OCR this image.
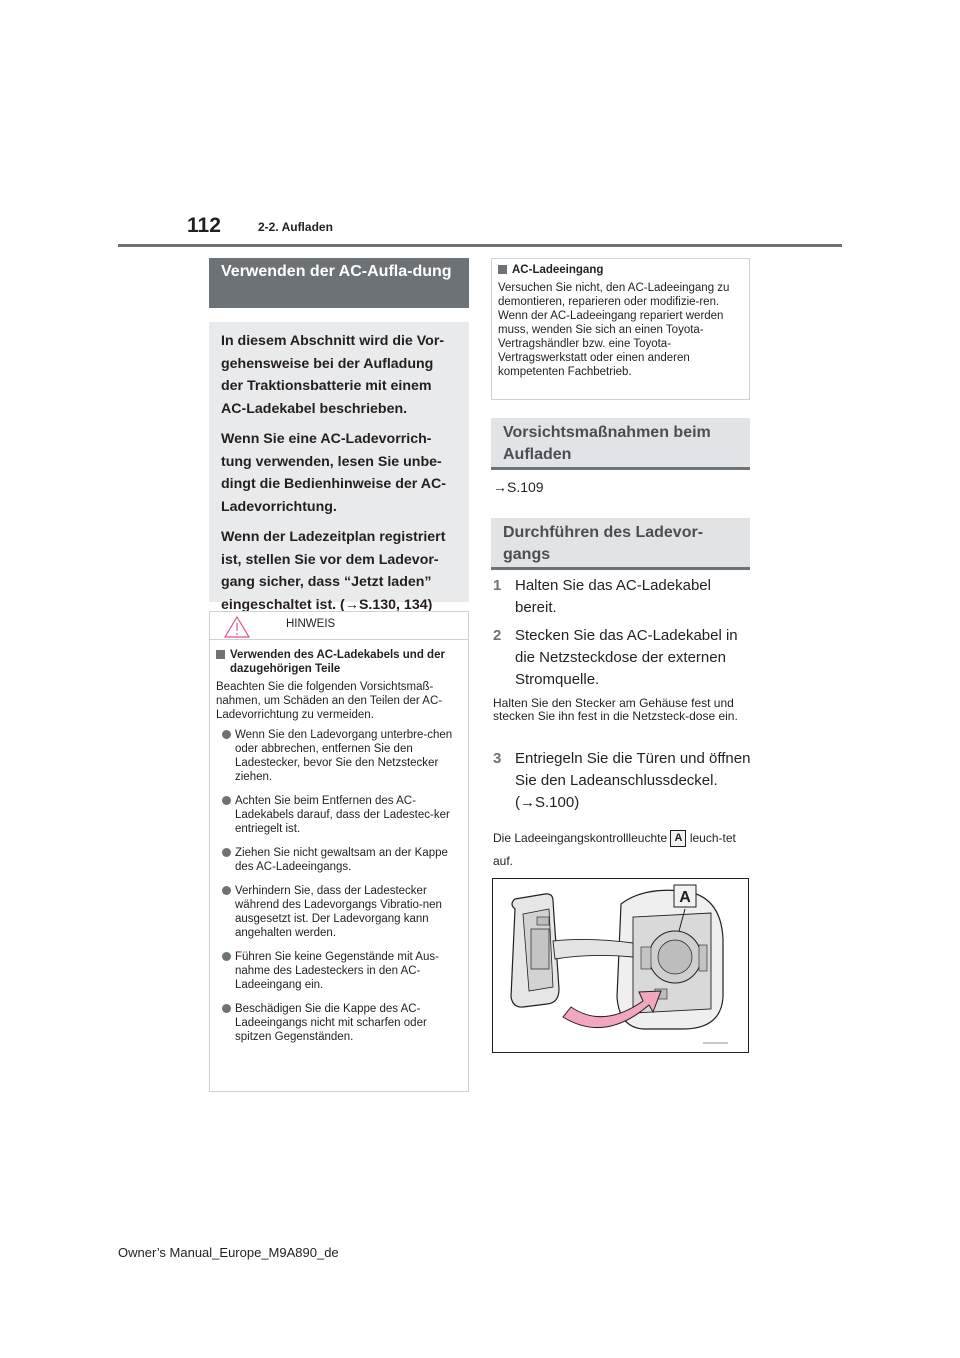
112	2-2. Aufladen
Verwenden der AC-Aufla-dung

In diesem Abschnitt wird die Vor-gehensweise bei der Aufladung der Traktionsbatterie mit einem AC-Ladekabel beschrieben.

Wenn Sie eine AC-Ladevorrich-tung verwenden, lesen Sie unbe-dingt die Bedienhinweise der AC-Ladevorrichtung.

Wenn der Ladezeitplan registriert ist, stellen Sie vor dem Ladevor-gang sicher, dass “Jetzt laden” eingeschaltet ist. (→S.130, 134)

HINWEIS
Verwenden des AC-Ladekabels und der dazugehörigen Teile

Beachten Sie die folgenden Vorsichtsmaß-nahmen, um Schäden an den Teilen der AC-Ladevorrichtung zu vermeiden.

Wenn Sie den Ladevorgang unterbre-chen oder abbrechen, entfernen Sie den Ladestecker, bevor Sie den Netzstecker ziehen.
Achten Sie beim Entfernen des AC-Ladekabels darauf, dass der Ladestec-ker entriegelt ist.
Ziehen Sie nicht gewaltsam an der Kappe des AC-Ladeeingangs.
Verhindern Sie, dass der Ladestecker während des Ladevorgangs Vibratio-nen ausgesetzt ist. Der Ladevorgang kann angehalten werden.
Führen Sie keine Gegenstände mit Aus-nahme des Ladesteckers in den AC-Ladeeingang ein.
Beschädigen Sie die Kappe des AC-Ladeeingangs nicht mit scharfen oder spitzen Gegenständen.
AC-Ladeeingang

Versuchen Sie nicht, den AC-Ladeeingang zu demontieren, reparieren oder modifizie-ren. Wenn der AC-Ladeeingang repariert werden muss, wenden Sie sich an einen Toyota-Vertragshändler bzw. eine Toyota-Vertragswerkstatt oder einen anderen kompetenten Fachbetrieb.

Vorsichtsmaßnahmen beim Aufladen
→S.109
Durchführen des Ladevor-gangs
1 Halten Sie das AC-Ladekabel bereit.
2 Stecken Sie das AC-Ladekabel in die Netzsteckdose der externen Stromquelle.
Halten Sie den Stecker am Gehäuse fest und stecken Sie ihn fest in die Netzsteck-dose ein.
3 Entriegeln Sie die Türen und öffnen Sie den Ladeanschlussdeckel. (→S.100)
Die Ladeeingangskontrollleuchte A leuch-tet auf.
A
Owner’s Manual_Europe_M9A890_de
